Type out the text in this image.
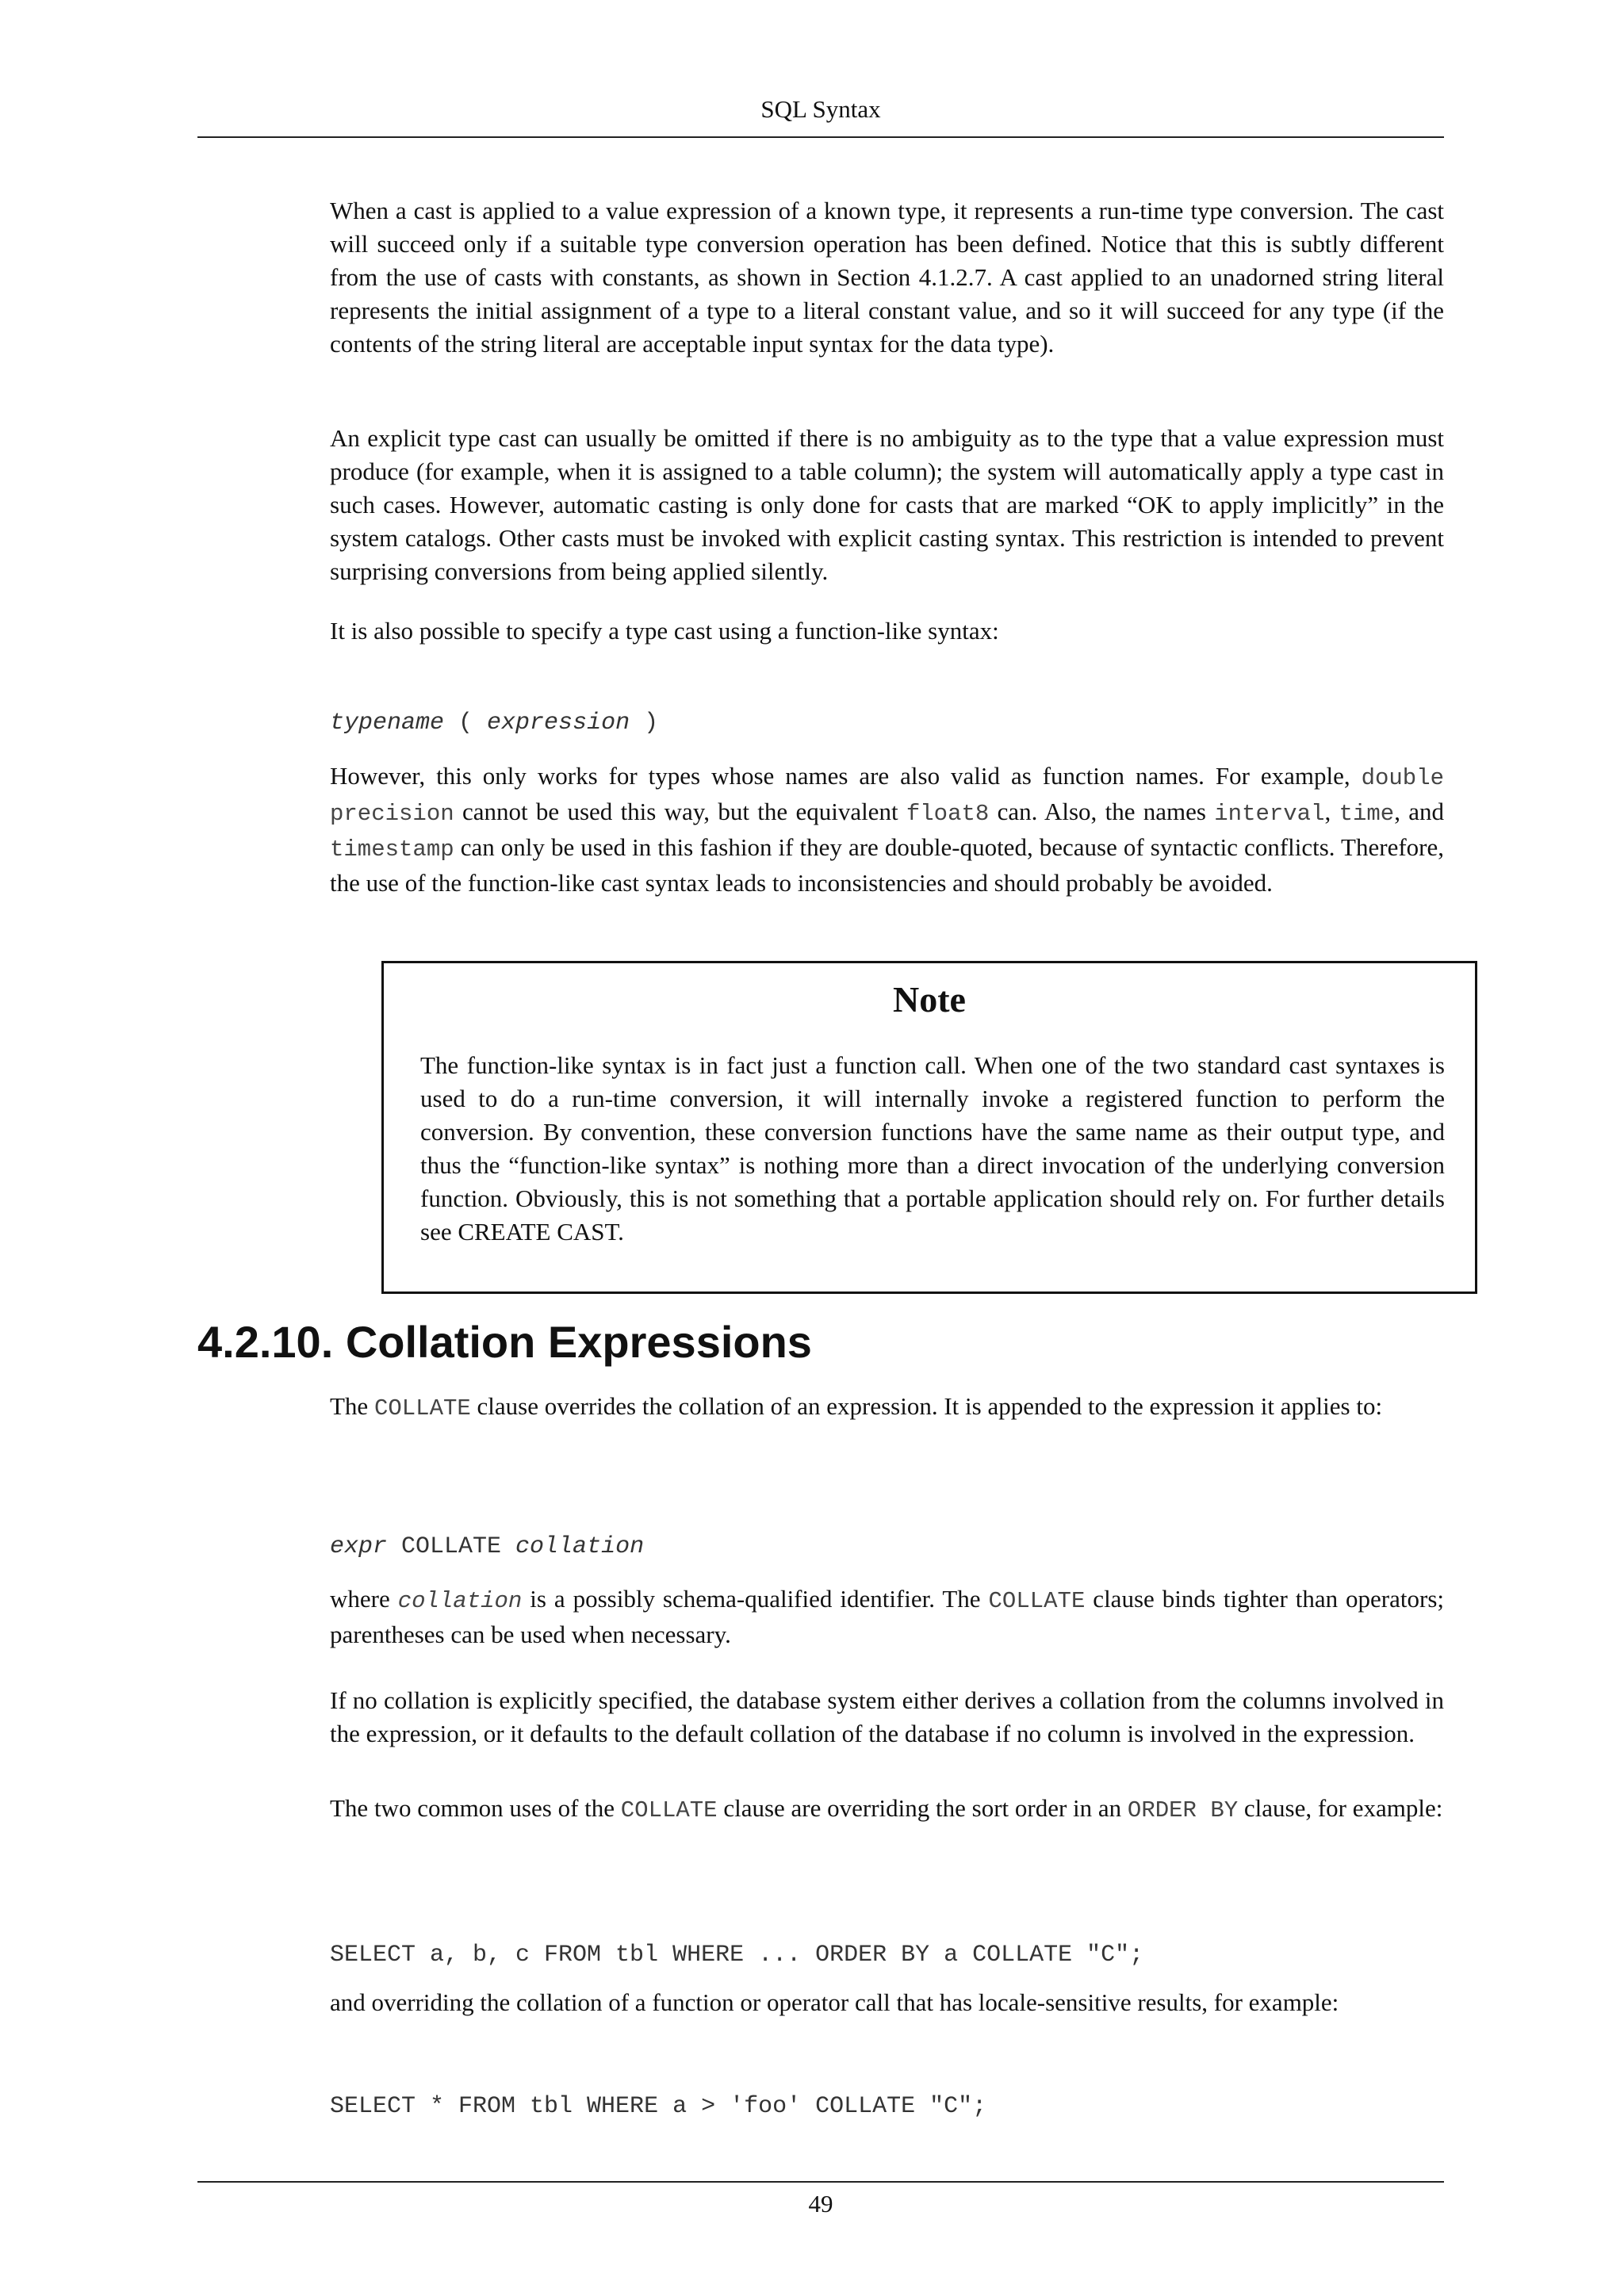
SQL Syntax

When a cast is applied to a value expression of a known type, it represents a run-time type conversion. The cast will succeed only if a suitable type conversion operation has been defined. Notice that this is subtly different from the use of casts with constants, as shown in Section 4.1.2.7. A cast applied to an unadorned string literal represents the initial assignment of a type to a literal constant value, and so it will succeed for any type (if the contents of the string literal are acceptable input syntax for the data type).

An explicit type cast can usually be omitted if there is no ambiguity as to the type that a value expression must produce (for example, when it is assigned to a table column); the system will automatically apply a type cast in such cases. However, automatic casting is only done for casts that are marked “OK to apply implicitly” in the system catalogs. Other casts must be invoked with explicit casting syntax. This restriction is intended to prevent surprising conversions from being applied silently.

It is also possible to specify a type cast using a function-like syntax:

typename ( expression )

However, this only works for types whose names are also valid as function names. For example, double precision cannot be used this way, but the equivalent float8 can. Also, the names interval, time, and timestamp can only be used in this fashion if they are double-quoted, because of syntactic conflicts. Therefore, the use of the function-like cast syntax leads to inconsistencies and should probably be avoided.

Note

The function-like syntax is in fact just a function call. When one of the two standard cast syntaxes is used to do a run-time conversion, it will internally invoke a registered function to perform the conversion. By convention, these conversion functions have the same name as their output type, and thus the “function-like syntax” is nothing more than a direct invocation of the underlying conversion function. Obviously, this is not something that a portable application should rely on. For further details see CREATE CAST.

4.2.10. Collation Expressions

The COLLATE clause overrides the collation of an expression. It is appended to the expression it applies to:

expr COLLATE collation

where collation is a possibly schema-qualified identifier. The COLLATE clause binds tighter than operators; parentheses can be used when necessary.

If no collation is explicitly specified, the database system either derives a collation from the columns involved in the expression, or it defaults to the default collation of the database if no column is involved in the expression.

The two common uses of the COLLATE clause are overriding the sort order in an ORDER BY clause, for example:

SELECT a, b, c FROM tbl WHERE ... ORDER BY a COLLATE "C";

and overriding the collation of a function or operator call that has locale-sensitive results, for example:

SELECT * FROM tbl WHERE a > 'foo' COLLATE "C";
49
